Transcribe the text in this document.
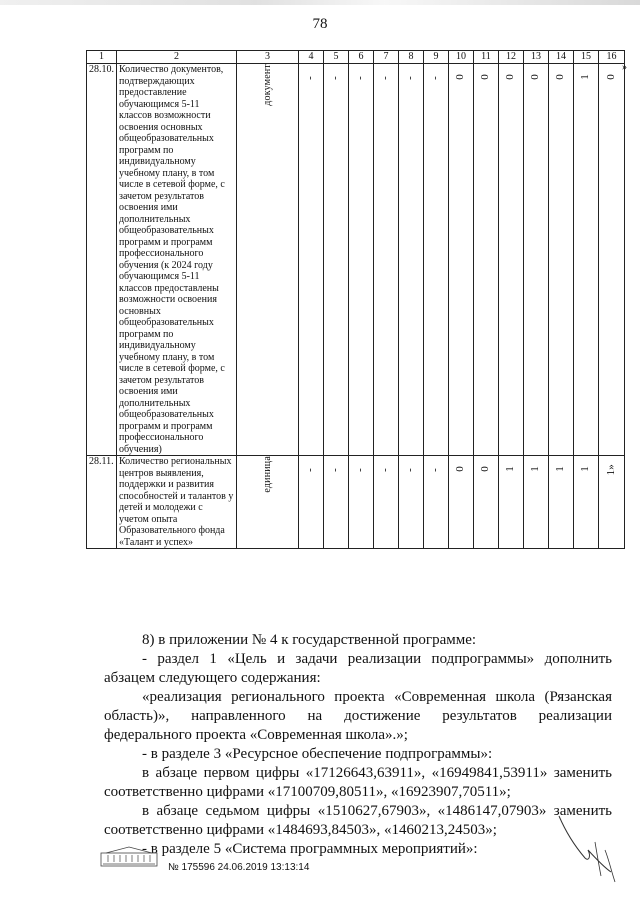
78
1	2	3	4	5	6	7	8	9	10	11	12	13	14	15	16
28.10.	Количество документов, подтверждающих предоставление обучающимся 5-11 классов возможности освоения основных общеобразовательных программ по индивидуальному учебному плану, в том числе в сетевой форме, с зачетом результатов освоения ими дополнительных общеобразовательных программ и программ профессионального обучения (к 2024 году обучающимся 5-11 классов предоставлены возможности освоения основных общеобразовательных программ по индивидуальному учебному плану, в том числе в сетевой форме, с зачетом результатов освоения ими дополнительных общеобразовательных программ и программ профессионального обучения)	документ	-	-	-	-	-	-	0	0	0	0	0	1	0
28.11.	Количество региональных центров выявления, поддержки и развития способностей и талантов у детей и молодежи с учетом опыта Образовательного фонда «Талант и успех»	единица	-	-	-	-	-	-	0	0	1	1	1	1	1»
»

8) в приложении № 4 к государственной программе:

- раздел 1 «Цель и задачи реализации подпрограммы» дополнить абзацем следующего содержания:

«реализация регионального проекта «Современная школа (Рязанская область)», направленного на достижение результатов реализации федерального проекта «Современная школа».»;

- в разделе 3 «Ресурсное обеспечение подпрограммы»:

в абзаце первом цифры «17126643,63911», «16949841,53911» заменить соответственно цифрами «17100709,80511», «16923907,70511»;

в абзаце седьмом цифры «1510627,67903», «1486147,07903» заменить соответственно цифрами «1484693,84503», «1460213,24503»;

- в разделе 5 «Система программных мероприятий»:

№ 175596 24.06.2019 13:13:14
